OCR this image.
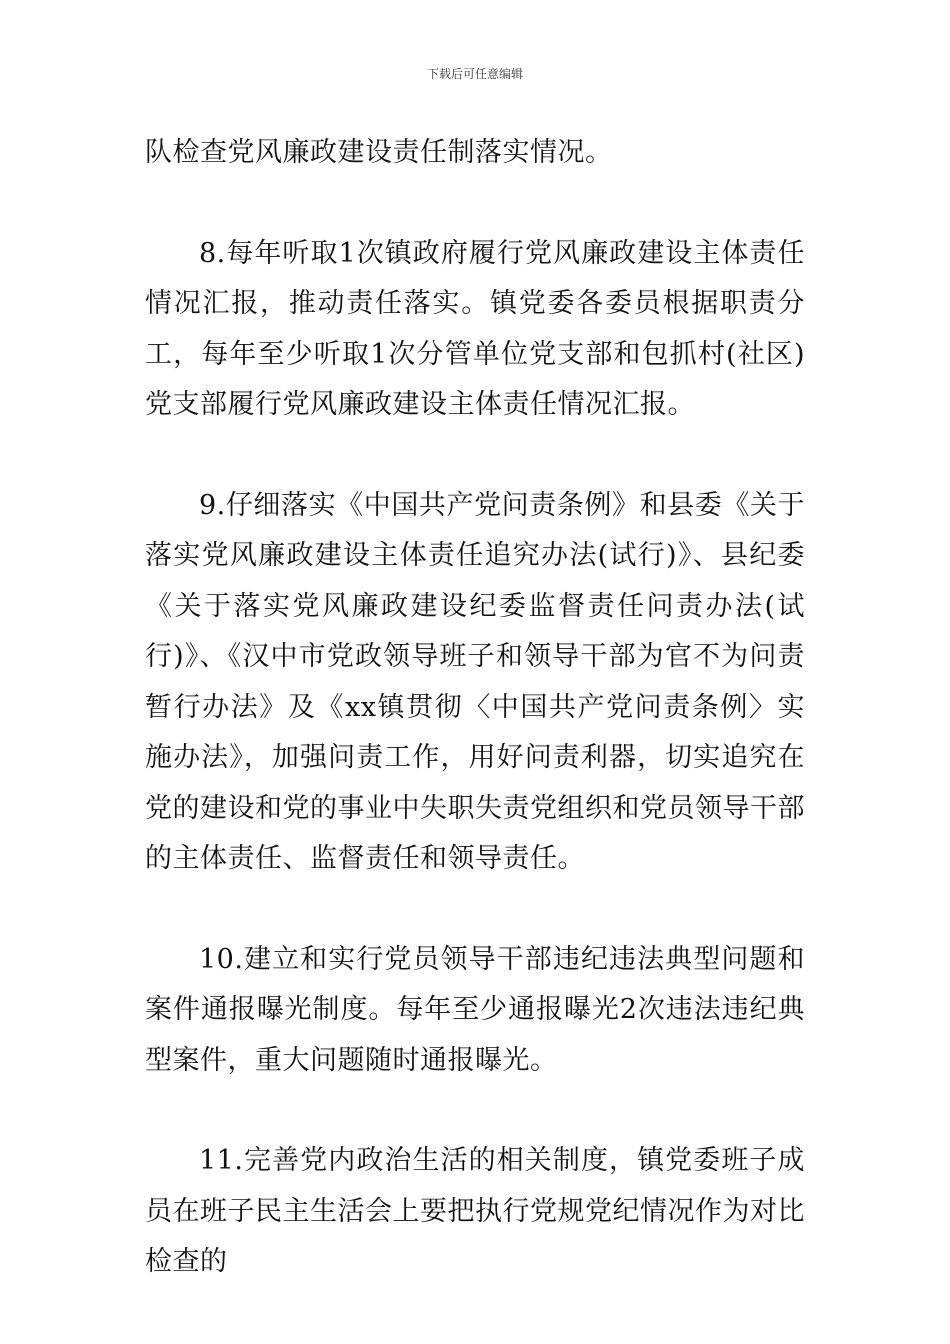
下载后可任意编辑

队检查党风廉政建设责任制落实情况。

8.每年听取1次镇政府履行党风廉政建设主体责任情况汇报，推动责任落实。镇党委各委员根据职责分工，每年至少听取1次分管单位党支部和包抓村(社区)党支部履行党风廉政建设主体责任情况汇报。

9.仔细落实《中国共产党问责条例》和县委《关于落实党风廉政建设主体责任追究办法(试行)》、县纪委《关于落实党风廉政建设纪委监督责任问责办法(试行)》、《汉中市党政领导班子和领导干部为官不为问责暂行办法》及《xx镇贯彻〈中国共产党问责条例〉实施办法》，加强问责工作，用好问责利器，切实追究在党的建设和党的事业中失职失责党组织和党员领导干部的主体责任、监督责任和领导责任。

10.建立和实行党员领导干部违纪违法典型问题和案件通报曝光制度。每年至少通报曝光2次违法违纪典型案件，重大问题随时通报曝光。

11.完善党内政治生活的相关制度，镇党委班子成员在班子民主生活会上要把执行党规党纪情况作为对比检查的
